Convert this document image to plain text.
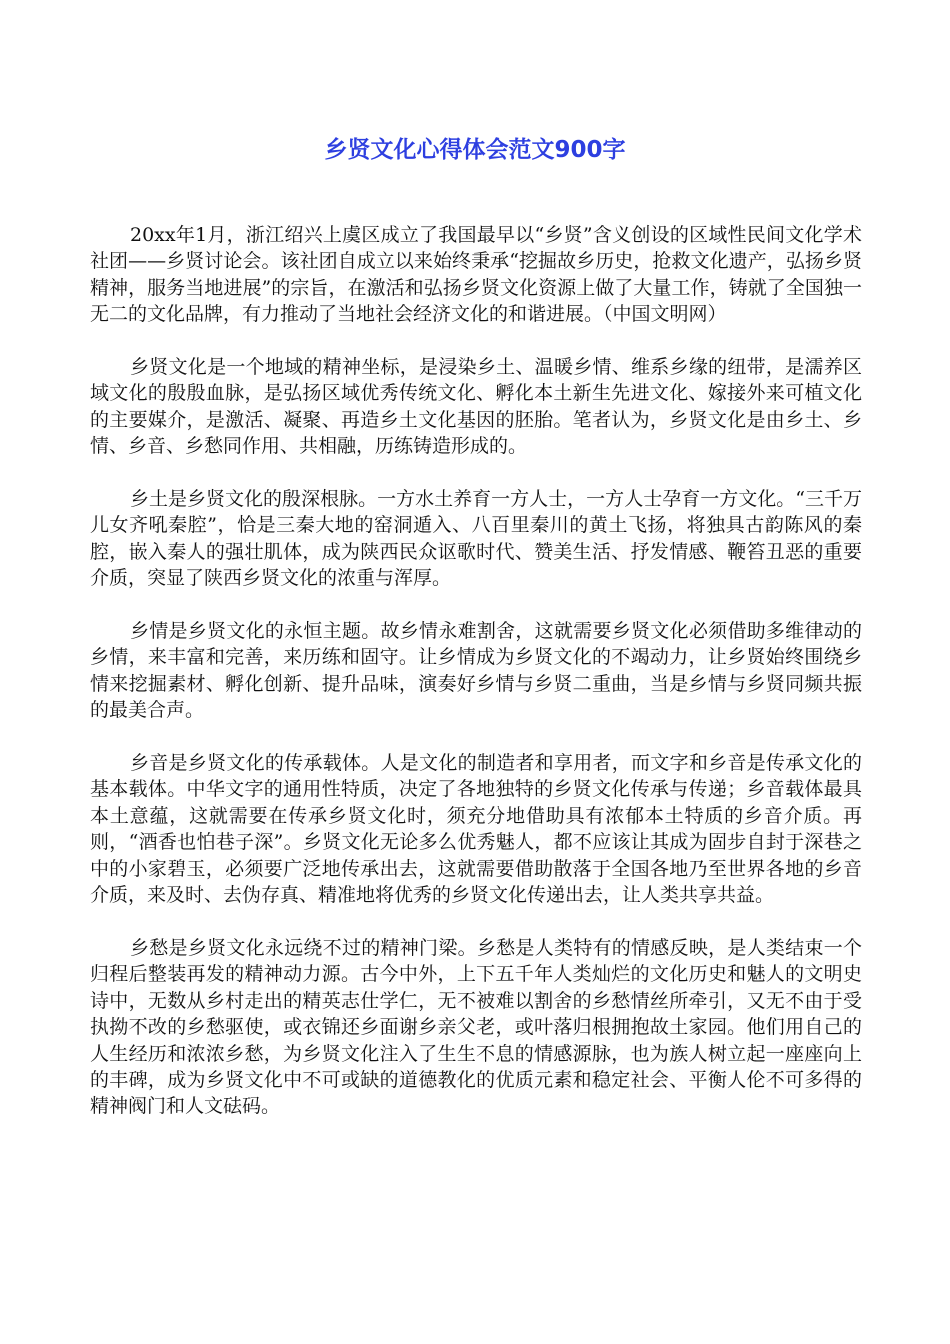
乡贤文化心得体会范文900字

20xx年1月，浙江绍兴上虞区成立了我国最早以“乡贤”含义创设的区域性民间文化学术社团——乡贤讨论会。该社团自成立以来始终秉承“挖掘故乡历史，抢救文化遗产，弘扬乡贤精神，服务当地进展”的宗旨，在激活和弘扬乡贤文化资源上做了大量工作，铸就了全国独一无二的文化品牌，有力推动了当地社会经济文化的和谐进展。（中国文明网）

乡贤文化是一个地域的精神坐标，是浸染乡土、温暖乡情、维系乡缘的纽带，是濡养区域文化的殷殷血脉，是弘扬区域优秀传统文化、孵化本土新生先进文化、嫁接外来可植文化的主要媒介，是激活、凝聚、再造乡土文化基因的胚胎。笔者认为，乡贤文化是由乡土、乡情、乡音、乡愁同作用、共相融，历练铸造形成的。

乡土是乡贤文化的殷深根脉。一方水土养育一方人士，一方人士孕育一方文化。“三千万儿女齐吼秦腔”，恰是三秦大地的窑洞遁入、八百里秦川的黄土飞扬，将独具古韵陈风的秦腔，嵌入秦人的强壮肌体，成为陕西民众讴歌时代、赞美生活、抒发情感、鞭笞丑恶的重要介质，突显了陕西乡贤文化的浓重与浑厚。

乡情是乡贤文化的永恒主题。故乡情永难割舍，这就需要乡贤文化必须借助多维律动的乡情，来丰富和完善，来历练和固守。让乡情成为乡贤文化的不竭动力，让乡贤始终围绕乡情来挖掘素材、孵化创新、提升品味，演奏好乡情与乡贤二重曲，当是乡情与乡贤同频共振的最美合声。

乡音是乡贤文化的传承载体。人是文化的制造者和享用者，而文字和乡音是传承文化的基本载体。中华文字的通用性特质，决定了各地独特的乡贤文化传承与传递；乡音载体最具本土意蕴，这就需要在传承乡贤文化时，须充分地借助具有浓郁本土特质的乡音介质。再则，“酒香也怕巷子深”。乡贤文化无论多么优秀魅人，都不应该让其成为固步自封于深巷之中的小家碧玉，必须要广泛地传承出去，这就需要借助散落于全国各地乃至世界各地的乡音介质，来及时、去伪存真、精准地将优秀的乡贤文化传递出去，让人类共享共益。

乡愁是乡贤文化永远绕不过的精神门梁。乡愁是人类特有的情感反映，是人类结束一个归程后整装再发的精神动力源。古今中外，上下五千年人类灿烂的文化历史和魅人的文明史诗中，无数从乡村走出的精英志仕学仁，无不被难以割舍的乡愁情丝所牵引，又无不由于受执拗不改的乡愁驱使，或衣锦还乡面谢乡亲父老，或叶落归根拥抱故土家园。他们用自己的人生经历和浓浓乡愁，为乡贤文化注入了生生不息的情感源脉，也为族人树立起一座座向上的丰碑，成为乡贤文化中不可或缺的道德教化的优质元素和稳定社会、平衡人伦不可多得的精神阀门和人文砝码。
